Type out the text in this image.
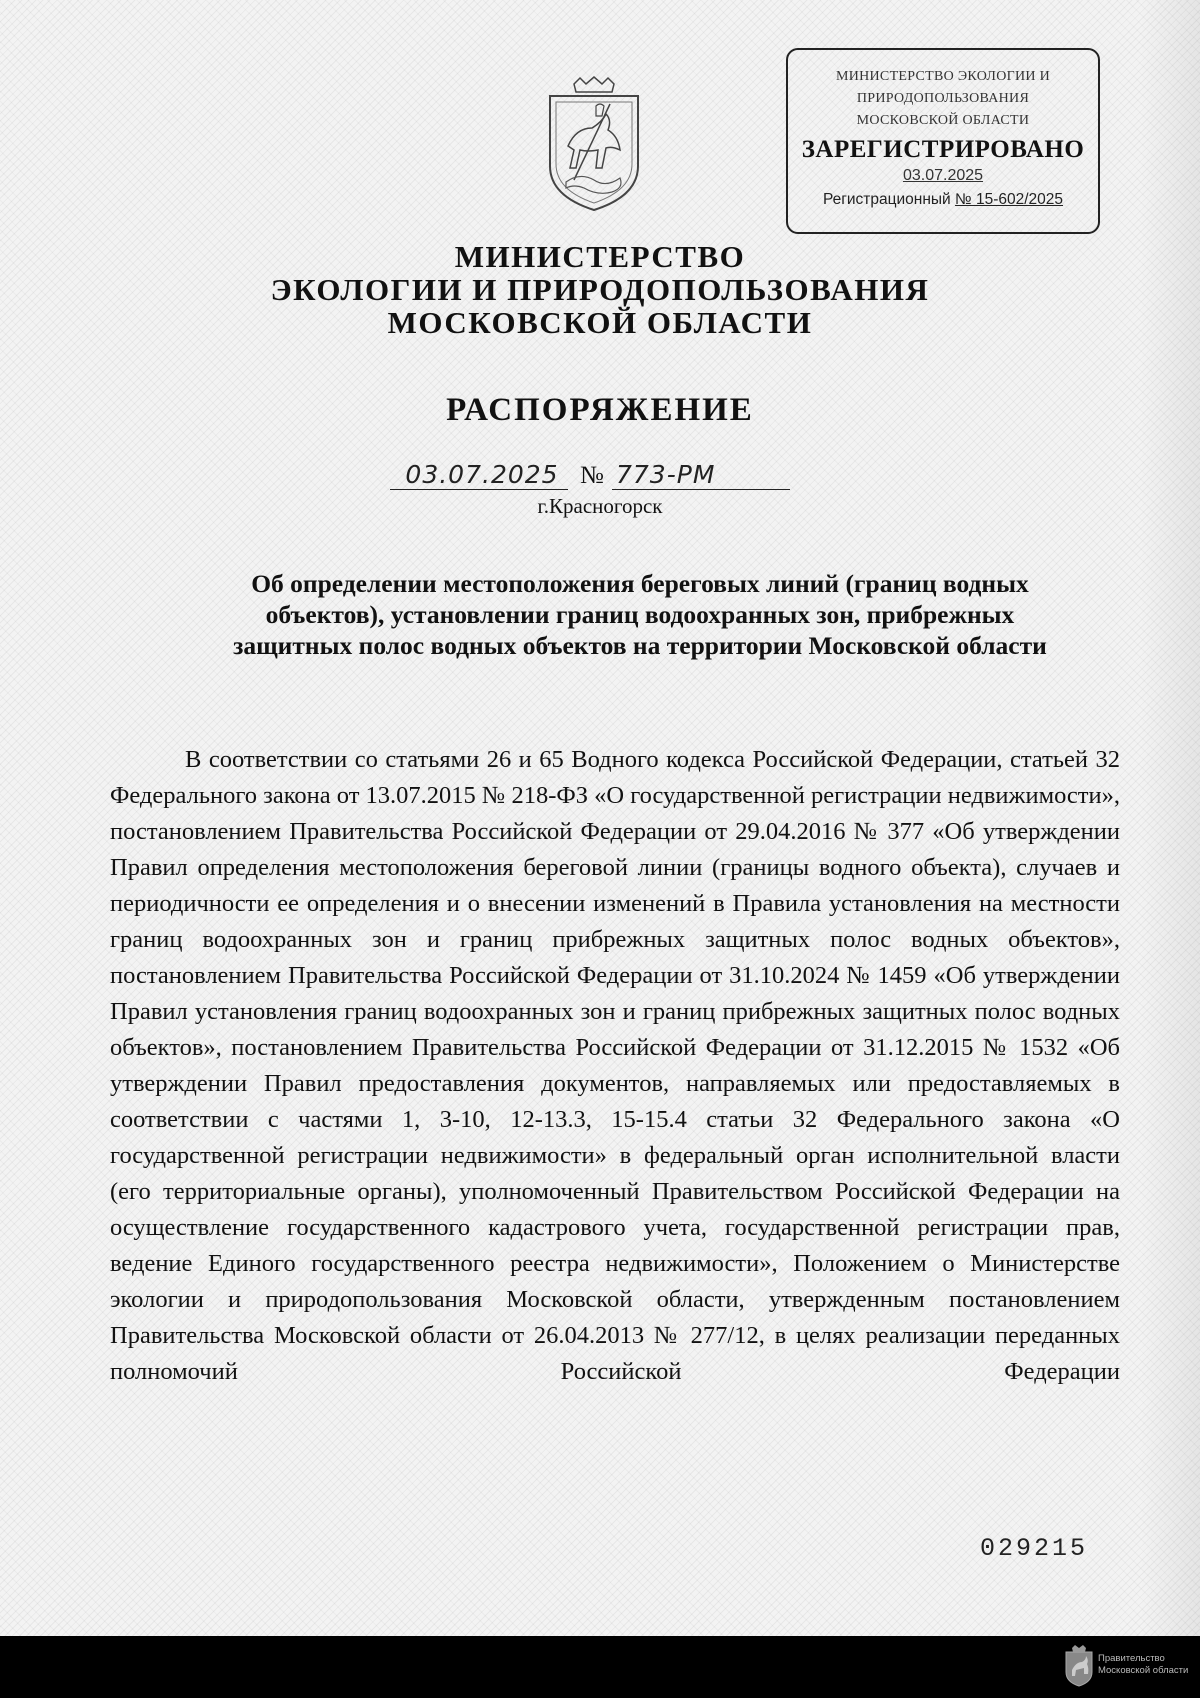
МИНИСТЕРСТВО ЭКОЛОГИИ И
ПРИРОДОПОЛЬЗОВАНИЯ
МОСКОВСКОЙ ОБЛАСТИ
ЗАРЕГИСТРИРОВАНО
03.07.2025
Регистрационный № 15-602/2025
МИНИСТЕРСТВО
ЭКОЛОГИИ И ПРИРОДОПОЛЬЗОВАНИЯ
МОСКОВСКОЙ ОБЛАСТИ
РАСПОРЯЖЕНИЕ
03.07.2025 № 773-РМ
г.Красногорск
Об определении местоположения береговых линий (границ водных
объектов), установлении границ водоохранных зон, прибрежных
защитных полос водных объектов на территории Московской области

В соответствии со статьями 26 и 65 Водного кодекса Российской Федерации, статьей 32 Федерального закона от 13.07.2015 № 218-ФЗ «О государственной регистрации недвижимости», постановлением Правительства Российской Федерации от 29.04.2016 № 377 «Об утверждении Правил определения местоположения береговой линии (границы водного объекта), случаев и периодичности ее определения и о внесении изменений в Правила установления на местности границ водоохранных зон и границ прибрежных защитных полос водных объектов», постановлением Правительства Российской Федерации от 31.10.2024 № 1459 «Об утверждении Правил установления границ водоохранных зон и границ прибрежных защитных полос водных объектов», постановлением Правительства Российской Федерации от 31.12.2015 № 1532 «Об утверждении Правил предоставления документов, направляемых или предоставляемых в соответствии с частями 1, 3-10, 12-13.3, 15-15.4 статьи 32 Федерального закона «О государственной регистрации недвижимости» в федеральный орган исполнительной власти (его территориальные органы), уполномоченный Правительством Российской Федерации на осуществление государственного кадастрового учета, государственной регистрации прав, ведение Единого государственного реестра недвижимости», Положением о Министерстве экологии и природопользования Московской области, утвержденным постановлением Правительства Московской области от 26.04.2013 № 277/12, в целях реализации переданных полномочий Российской Федерации

029215
Правительство
Московской области
